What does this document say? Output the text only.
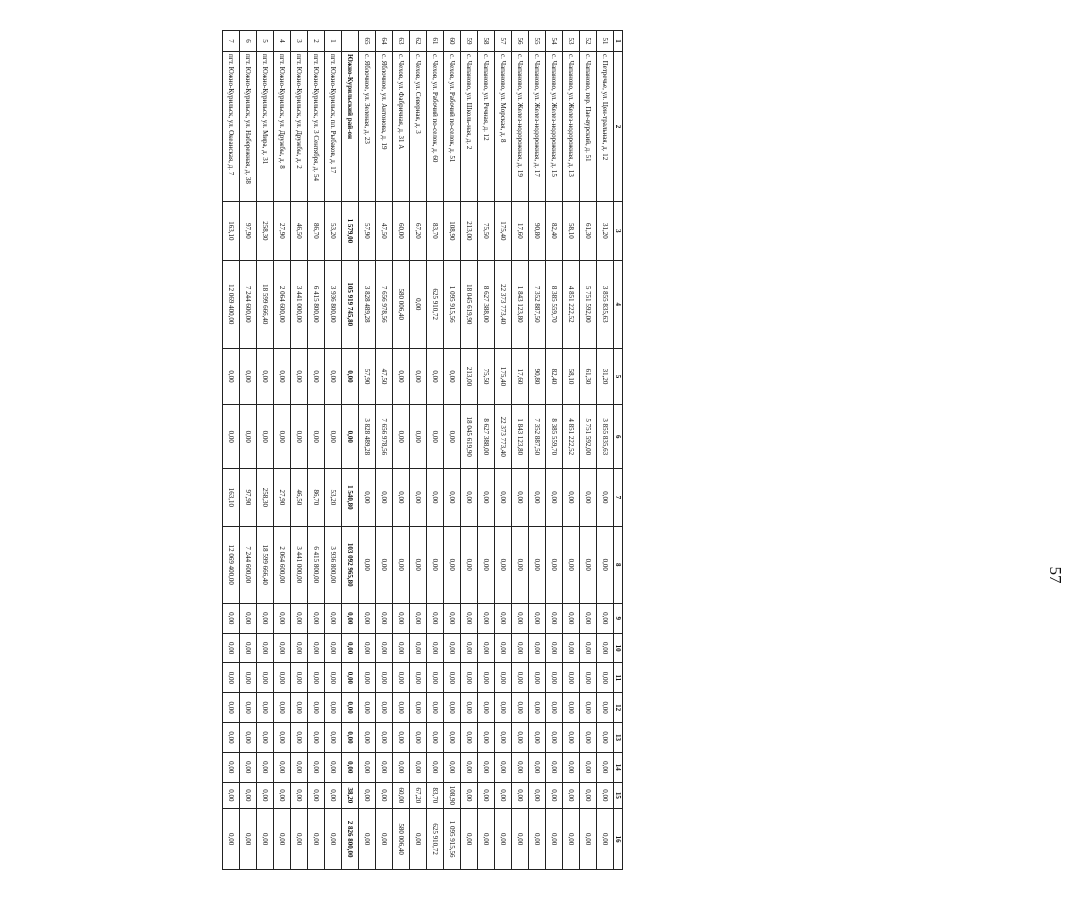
57
1	2	3	4	5	6	7	8	9	10	11	12	13	14	15	16
51	с. Петречье, ул. Цен-тральная, д. 12	31,20	3 855 835,63	31,20	3 855 835,63	0,00	0,00	0,00	0,00	0,00	0,00	0,00	0,00	0,00	0,00
52	с. Чапаново, пер. Пае-вурский, д. 51	61,30	5 751 592,00	61,30	5 751 592,00	0,00	0,00	0,00	0,00	0,00	0,00	0,00	0,00	0,00	0,00
53	с. Чапаново, ул. Желез-нодорожная, д. 13	58,10	4 851 222,52	58,10	4 851 222,52	0,00	0,00	0,00	0,00	0,00	0,00	0,00	0,00	0,00	0,00
54	с. Чапаново, ул. Желез-нодорожная, д. 15	82,40	8 385 559,70	82,40	8 385 559,70	0,00	0,00	0,00	0,00	0,00	0,00	0,00	0,00	0,00	0,00
55	с. Чапаново, ул. Желез-нодорожная, д. 17	90,80	7 352 887,50	90,80	7 352 887,50	0,00	0,00	0,00	0,00	0,00	0,00	0,00	0,00	0,00	0,00
56	с. Чапаново, ул. Желез-нодорожная, д. 19	17,60	1 843 123,80	17,60	1 843 123,80	0,00	0,00	0,00	0,00	0,00	0,00	0,00	0,00	0,00	0,00
57	с. Чапаново, ул. Морская, д. 8	175,40	22 373 773,40	175,40	22 373 773,40	0,00	0,00	0,00	0,00	0,00	0,00	0,00	0,00	0,00	0,00
58	с. Чапаново, ул. Речная, д. 12	75,50	8 627 388,00	75,50	8 627 388,00	0,00	0,00	0,00	0,00	0,00	0,00	0,00	0,00	0,00	0,00
59	с. Чапаново, ул. Школь-ная, д. 2	213,00	18 045 619,90	213,00	18 045 619,90	0,00	0,00	0,00	0,00	0,00	0,00	0,00	0,00	0,00	0,00
60	с. Чехов, ул. Рабочий по-селок, д. 51	108,90	1 095 915,56	0,00	0,00	0,00	0,00	0,00	0,00	0,00	0,00	0,00	0,00	108,90	1 095 915,56
61	с. Чехов, ул. Рабочий по-селок, д. 60	83,70	625 910,72	0,00	0,00	0,00	0,00	0,00	0,00	0,00	0,00	0,00	0,00	83,70	625 910,72
62	с. Чехов, ул. Северная, д. 3	67,20	0,00	0,00	0,00	0,00	0,00	0,00	0,00	0,00	0,00	0,00	0,00	67,20	0,00
63	с. Чехов, ул. Фабричная, д. 31 А	60,00	580 006,40	0,00	0,00	0,00	0,00	0,00	0,00	0,00	0,00	0,00	0,00	60,00	580 006,40
64	с. Яблочное, ул. Антонова, д. 19	47,50	7 656 978,56	47,50	7 656 978,56	0,00	0,00	0,00	0,00	0,00	0,00	0,00	0,00	0,00	0,00
65	с. Яблочное, ул. Зеленая, д. 23	57,90	3 828 489,28	57,90	3 828 489,28	0,00	0,00	0,00	0,00	0,00	0,00	0,00	0,00	0,00	0,00
	Южно-Курильский рай-он	1 579,00	105 919 745,80	0,00	0,00	1 540,80	103 092 965,80	0,00	0,00	0,00	0,00	0,00	0,00	38,20	2 826 800,00
1	пгт. Южно-Курильск, пл. Рыбаков, д. 17	53,20	3 936 800,00	0,00	0,00	53,20	3 936 800,00	0,00	0,00	0,00	0,00	0,00	0,00	0,00	0,00
2	пгт. Южно-Курильск, ул. 3 Сентября, д. 54	86,70	6 415 800,00	0,00	0,00	86,70	6 415 800,00	0,00	0,00	0,00	0,00	0,00	0,00	0,00	0,00
3	пгт. Южно-Курильск, ул. Дружбы, д. 2	46,50	3 441 000,00	0,00	0,00	46,50	3 441 000,00	0,00	0,00	0,00	0,00	0,00	0,00	0,00	0,00
4	пгт. Южно-Курильск, ул. Дружбы, д. 8	27,90	2 064 600,00	0,00	0,00	27,90	2 064 600,00	0,00	0,00	0,00	0,00	0,00	0,00	0,00	0,00
5	пгт. Южно-Курильск, ул. Мира, д. 31	258,30	18 599 666,40	0,00	0,00	258,30	18 599 666,40	0,00	0,00	0,00	0,00	0,00	0,00	0,00	0,00
6	пгт. Южно-Курильск, ул. Набережная, д. 38	97,90	7 244 600,00	0,00	0,00	97,90	7 244 600,00	0,00	0,00	0,00	0,00	0,00	0,00	0,00	0,00
7	пгт. Южно-Курильск, ул. Океанская, д. 7	163,10	12 069 400,00	0,00	0,00	163,10	12 069 400,00	0,00	0,00	0,00	0,00	0,00	0,00	0,00	0,00
